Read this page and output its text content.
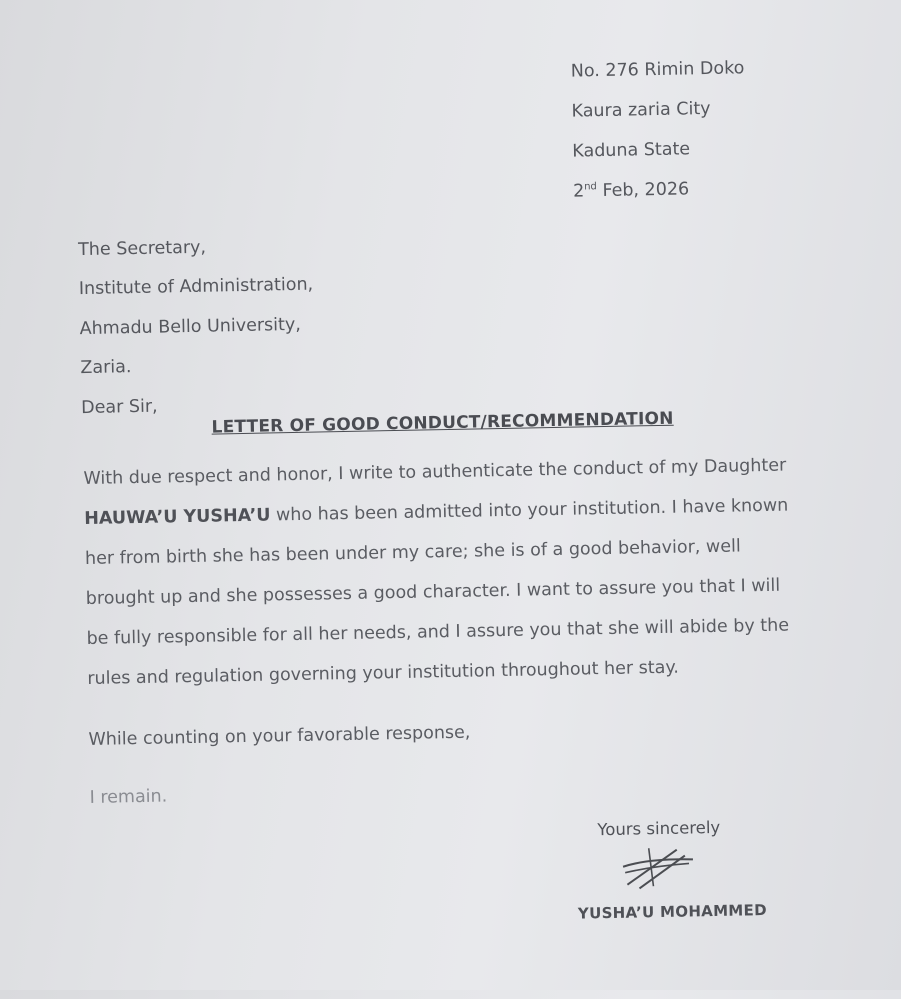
No. 276 Rimin Doko
Kaura zaria City
Kaduna State
2nd Feb, 2026
The Secretary,
Institute of Administration,
Ahmadu Bello University,
Zaria.
Dear Sir,
LETTER OF GOOD CONDUCT/RECOMMENDATION
With due respect and honor, I write to authenticate the conduct of my Daughter
HAUWA’U YUSHA’U who has been admitted into your institution. I have known
her from birth she has been under my care; she is of a good behavior, well
brought up and she possesses a good character. I want to assure you that I will
be fully responsible for all her needs, and I assure you that she will abide by the
rules and regulation governing your institution throughout her stay.
While counting on your favorable response,
I remain.
Yours sincerely
YUSHA’U MOHAMMED
